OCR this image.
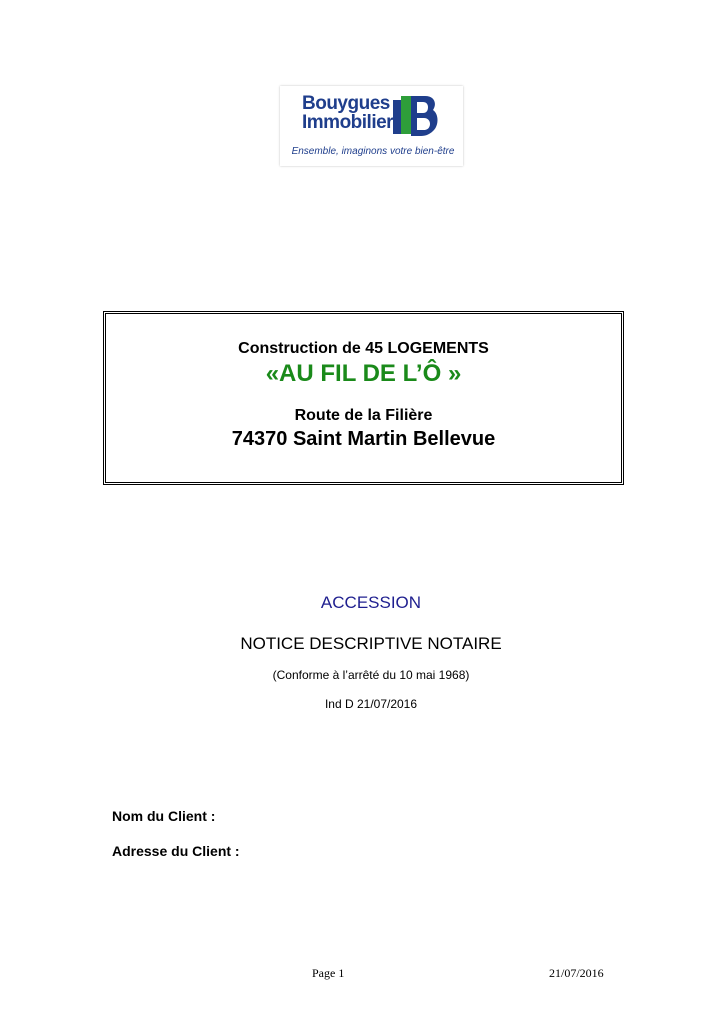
Bouygues
Immobilier
Ensemble, imaginons votre bien-être
Construction de 45 LOGEMENTS
«AU FIL DE L’Ô »
Route de la Filière
74370 Saint Martin Bellevue
ACCESSION
NOTICE DESCRIPTIVE NOTAIRE
(Conforme à l’arrêté du 10 mai 1968)
Ind D 21/07/2016
Nom du Client :
Adresse du Client :
Page 1	21/07/2016
